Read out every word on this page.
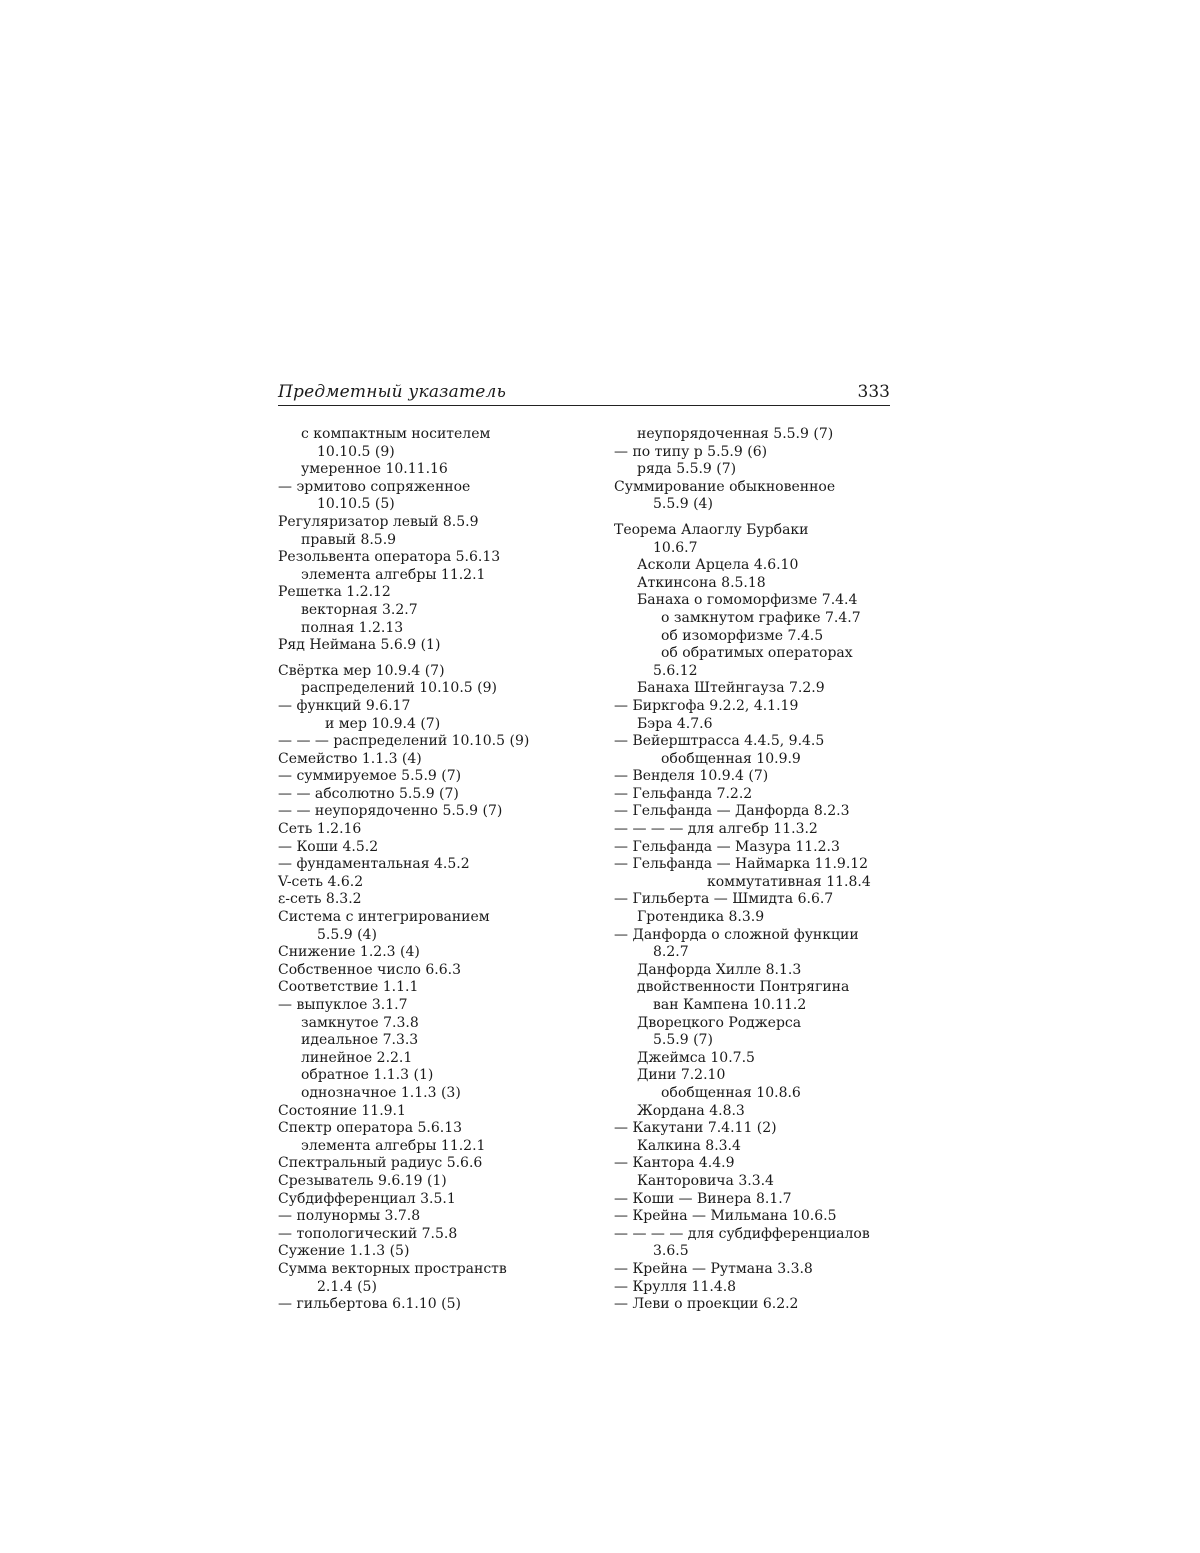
Предметный указатель	333
с компактным носителем
10.10.5 (9)
умеренное 10.11.16
— эрмитово сопряженное
10.10.5 (5)
Регуляризатор левый 8.5.9
правый 8.5.9
Резольвента оператора 5.6.13
элемента алгебры 11.2.1
Решетка 1.2.12
векторная 3.2.7
полная 1.2.13
Ряд Неймана 5.6.9 (1)
Свёртка мер 10.9.4 (7)
распределений 10.10.5 (9)
— функций 9.6.17
и мер 10.9.4 (7)
— — — распределений 10.10.5 (9)
Семейство 1.1.3 (4)
— суммируемое 5.5.9 (7)
— — абсолютно 5.5.9 (7)
— — неупорядоченно 5.5.9 (7)
Сеть 1.2.16
— Коши 4.5.2
— фундаментальная 4.5.2
V-сеть 4.6.2
ε-сеть 8.3.2
Система с интегрированием
5.5.9 (4)
Снижение 1.2.3 (4)
Собственное число 6.6.3
Соответствие 1.1.1
— выпуклое 3.1.7
замкнутое 7.3.8
идеальное 7.3.3
линейное 2.2.1
обратное 1.1.3 (1)
однозначное 1.1.3 (3)
Состояние 11.9.1
Спектр оператора 5.6.13
элемента алгебры 11.2.1
Спектральный радиус 5.6.6
Срезыватель 9.6.19 (1)
Субдифференциал 3.5.1
— полунормы 3.7.8
— топологический 7.5.8
Сужение 1.1.3 (5)
Сумма векторных пространств
2.1.4 (5)
— гильбертова 6.1.10 (5)
неупорядоченная 5.5.9 (7)
— по типу p 5.5.9 (6)
ряда 5.5.9 (7)
Суммирование обыкновенное
5.5.9 (4)
Теорема Алаоглу Бурбаки
10.6.7
Асколи Арцела 4.6.10
Аткинсона 8.5.18
Банаха о гомоморфизме 7.4.4
о замкнутом графике 7.4.7
об изоморфизме 7.4.5
об обратимых операторах
5.6.12
Банаха Штейнгауза 7.2.9
— Биркгофа 9.2.2, 4.1.19
Бэра 4.7.6
— Вейерштрасса 4.4.5, 9.4.5
обобщенная 10.9.9
— Венделя 10.9.4 (7)
— Гельфанда 7.2.2
— Гельфанда — Данфорда 8.2.3
— — — — для алгебр 11.3.2
— Гельфанда — Мазура 11.2.3
— Гельфанда — Наймарка 11.9.12
коммутативная 11.8.4
— Гильберта — Шмидта 6.6.7
Гротендика 8.3.9
— Данфорда о сложной функции
8.2.7
Данфорда Хилле 8.1.3
двойственности Понтрягина
ван Кампена 10.11.2
Дворецкого Роджерса
5.5.9 (7)
Джеймса 10.7.5
Дини 7.2.10
обобщенная 10.8.6
Жордана 4.8.3
— Какутани 7.4.11 (2)
Калкина 8.3.4
— Кантора 4.4.9
Канторовича 3.3.4
— Коши — Винера 8.1.7
— Крейна — Мильмана 10.6.5
— — — — для субдифференциалов
3.6.5
— Крейна — Рутмана 3.3.8
— Крулля 11.4.8
— Леви о проекции 6.2.2
